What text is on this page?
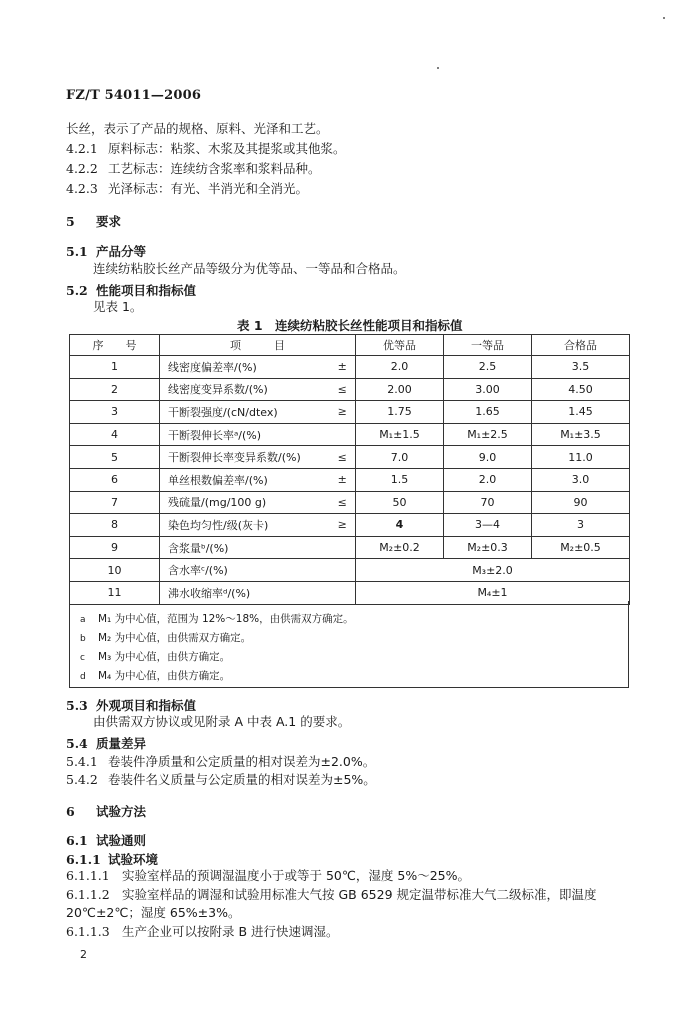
FZ/T 54011—2006
长丝，表示了产品的规格、原料、光泽和工艺。
4.2.1 原料标志：粘浆、木浆及其提浆或其他浆。
4.2.2 工艺标志：连续纺含浆率和浆料品种。
4.2.3 光泽标志：有光、半消光和全消光。
5 要求
5.1 产品分等
连续纺粘胶长丝产品等级分为优等品、一等品和合格品。
5.2 性能项目和指标值
见表 1。
表 1　连续纺粘胶长丝性能项目和指标值
序　　号	项　　　目		优等品	一等品	合格品
1	线密度偏差率/(%)	±	2.0	2.5	3.5
2	线密度变异系数/(%)	≤	2.00	3.00	4.50
3	干断裂强度/(cN/dtex)	≥	1.75	1.65	1.45
4	干断裂伸长率ᵃ/(%)		M₁±1.5	M₁±2.5	M₁±3.5
5	干断裂伸长率变异系数/(%)	≤	7.0	9.0	11.0
6	单丝根数偏差率/(%)	±	1.5	2.0	3.0
7	残硫量/(mg/100 g)	≤	50	70	90
8	染色均匀性/级(灰卡)	≥	4	3—4	3
9	含浆量ᵇ/(%)		M₂±0.2	M₂±0.3	M₂±0.5
10	含水率ᶜ/(%)		M₃±2.0		
11	沸水收缩率ᵈ/(%)		M₄±1		
a M₁ 为中心值，范围为 12%～18%，由供需双方确定。
b M₂ 为中心值，由供需双方确定。
c M₃ 为中心值，由供方确定。
d M₄ 为中心值，由供方确定。
5.3 外观项目和指标值
由供需双方协议或见附录 A 中表 A.1 的要求。
5.4 质量差异
5.4.1 卷装件净质量和公定质量的相对误差为±2.0%。
5.4.2 卷装件名义质量与公定质量的相对误差为±5%。
6 试验方法
6.1 试验通则
6.1.1 试验环境
6.1.1.1 实验室样品的预调湿温度小于或等于 50℃，湿度 5%～25%。
6.1.1.2 实验室样品的调湿和试验用标准大气按 GB 6529 规定温带标准大气二级标准，即温度
20℃±2℃；湿度 65%±3%。
6.1.1.3 生产企业可以按附录 B 进行快速调湿。
2
